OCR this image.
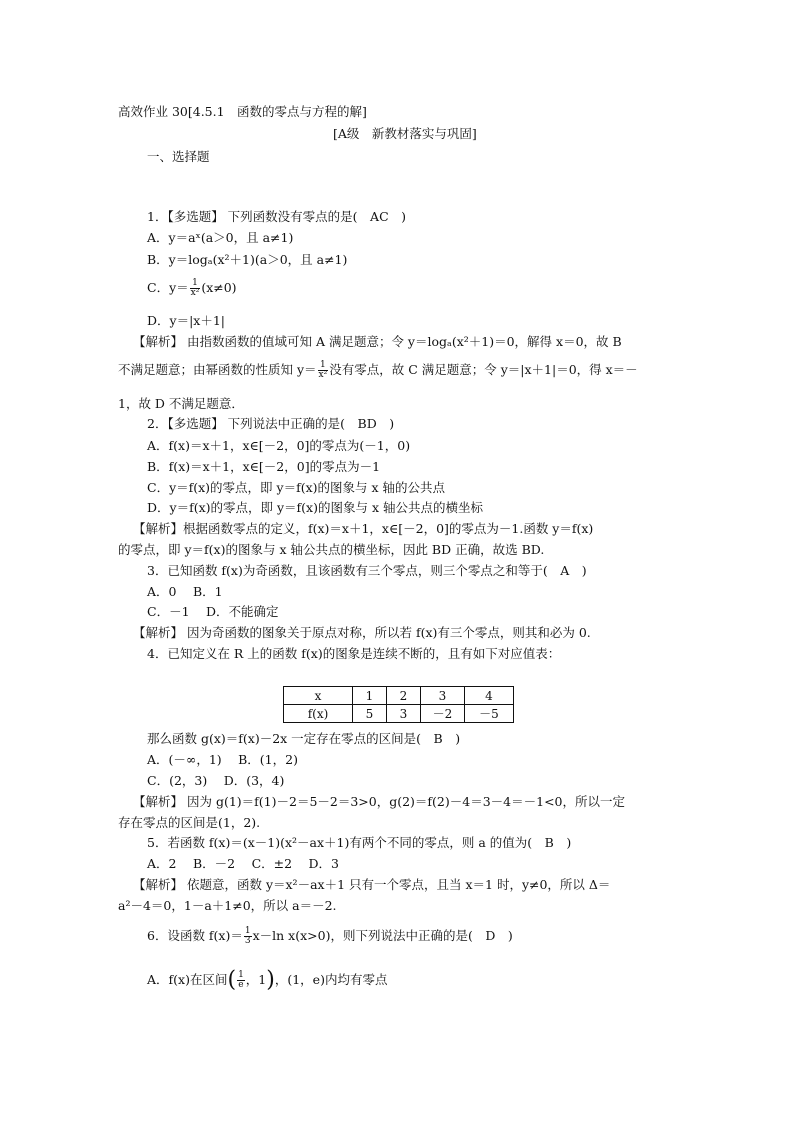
高效作业 30[4.5.1　函数的零点与方程的解]
[A级　新教材落实与巩固]
一、选择题
1．【多选题】 下列函数没有零点的是(　AC　)
A．y＝aˣ(a＞0，且 a≠1)
B．y＝logₐ(x²＋1)(a＞0，且 a≠1)
C．$y= \frac{1}{\text{x²}} (x\ne 0)$
D．y＝|x＋1|
【解析】 由指数函数的值域可知 A 满足题意；令 y＝logₐ(x²＋1)＝0，解得 x＝0，故 B
不满足题意；由幂函数的性质知 $y= \frac{1}{\text{x²}}$ 没有零点，故 C 满足题意；令 y＝|x＋1|＝0，得 x＝－
1，故 D 不满足题意．
2．【多选题】 下列说法中正确的是(　BD　)
A．f(x)＝x＋1，x∈[－2，0]的零点为(－1，0)
B．f(x)＝x＋1，x∈[－2，0]的零点为－1
C．y＝f(x)的零点，即 y＝f(x)的图象与 x 轴的公共点
D．y＝f(x)的零点，即 y＝f(x)的图象与 x 轴公共点的横坐标
【解析】根据函数零点的定义，f(x)＝x＋1，x∈[－2，0]的零点为－1.函数 y＝f(x)
的零点，即 y＝f(x)的图象与 x 轴公共点的横坐标，因此 BD 正确，故选 BD.
3．已知函数 f(x)为奇函数，且该函数有三个零点，则三个零点之和等于(　A　)
A．0　 B．1
C．－1　 D．不能确定
【解析】 因为奇函数的图象关于原点对称，所以若 f(x)有三个零点，则其和必为 0.
4．已知定义在 R 上的函数 f(x)的图象是连续不断的，且有如下对应值表：
x	1	2	3	4
f(x)	5	3	－2	－5
那么函数 g(x)＝f(x)－2x 一定存在零点的区间是(　B　)
A．(－∞，1)　 B．(1，2)
C．(2，3)　 D．(3，4)
【解析】 因为 g(1)＝f(1)－2＝5－2＝3>0，g(2)＝f(2)－4＝3－4＝－1<0，所以一定
存在零点的区间是(1，2).
5．若函数 f(x)＝(x－1)(x²－ax＋1)有两个不同的零点，则 a 的值为(　B　)
A．2　 B．－2　 C．±2　 D．3
【解析】 依题意，函数 y＝x²－ax＋1 只有一个零点，且当 x＝1 时，y≠0，所以 Δ＝
a²－4＝0，1－a＋1≠0，所以 a＝－2.
6．设函数 $f(x)= \frac{1}{3} x-\ln$ x(x>0)，则下列说法中正确的是(　D　)
A．f(x)在区间( $\frac{1}{e}$ ，1)，(1，e)内均有零点
